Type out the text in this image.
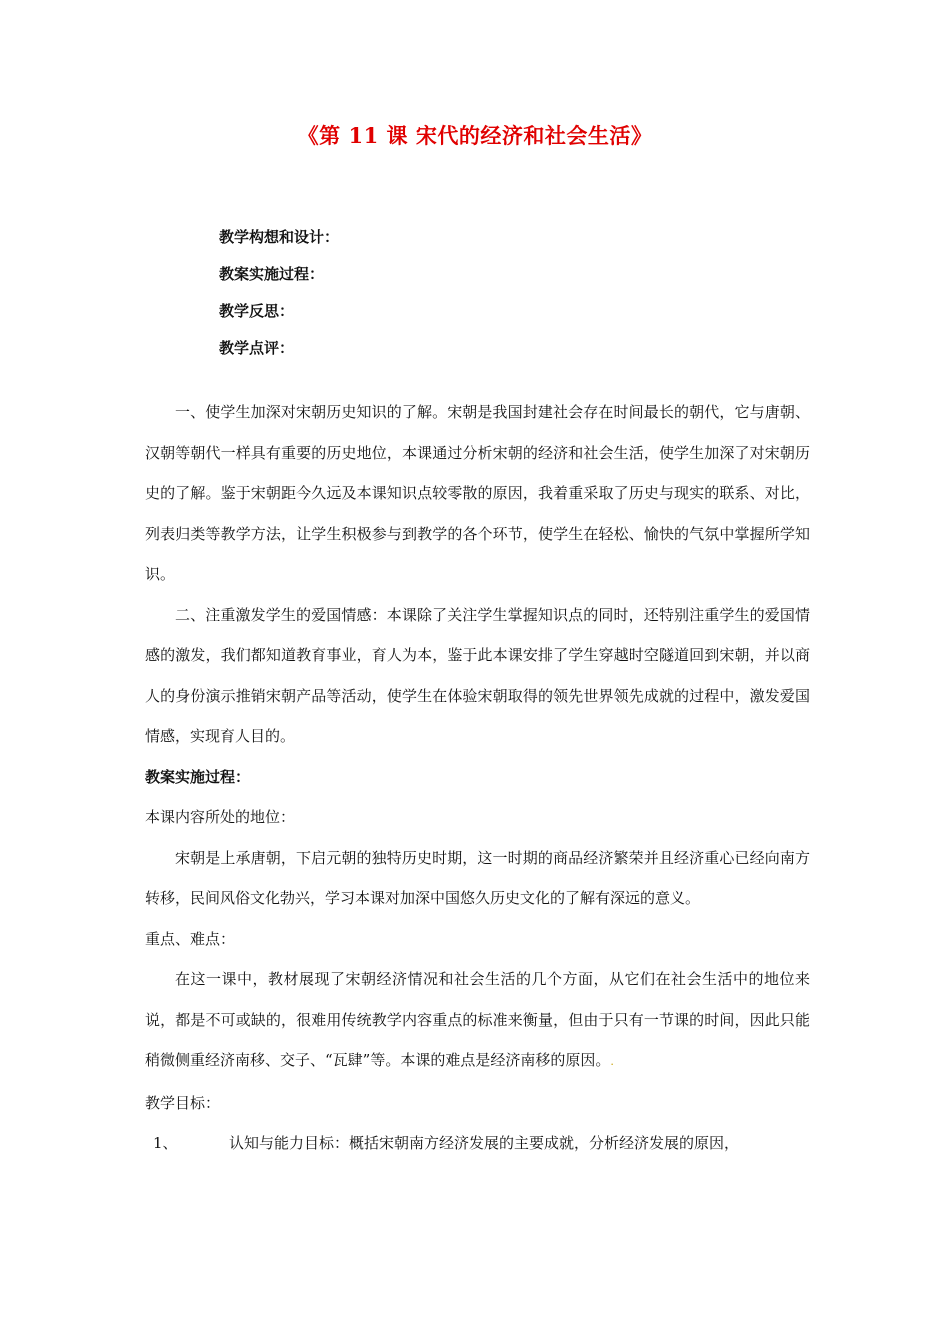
《第 11 课 宋代的经济和社会生活》
教学构想和设计：
教案实施过程：
教学反思：
教学点评：

一、使学生加深对宋朝历史知识的了解。宋朝是我国封建社会存在时间最长的朝代，它与唐朝、汉朝等朝代一样具有重要的历史地位，本课通过分析宋朝的经济和社会生活，使学生加深了对宋朝历史的了解。鉴于宋朝距今久远及本课知识点较零散的原因，我着重采取了历史与现实的联系、对比，列表归类等教学方法，让学生积极参与到教学的各个环节，使学生在轻松、愉快的气氛中掌握所学知识。

二、注重激发学生的爱国情感：本课除了关注学生掌握知识点的同时，还特别注重学生的爱国情感的激发，我们都知道教育事业，育人为本，鉴于此本课安排了学生穿越时空隧道回到宋朝，并以商人的身份演示推销宋朝产品等活动，使学生在体验宋朝取得的领先世界领先成就的过程中，激发爱国情感，实现育人目的。

教案实施过程：

本课内容所处的地位：

宋朝是上承唐朝，下启元朝的独特历史时期，这一时期的商品经济繁荣并且经济重心已经向南方转移，民间风俗文化勃兴，学习本课对加深中国悠久历史文化的了解有深远的意义。

重点、难点：

在这一课中，教材展现了宋朝经济情况和社会生活的几个方面，从它们在社会生活中的地位来说，都是不可或缺的，很难用传统教学内容重点的标准来衡量，但由于只有一节课的时间，因此只能稍微侧重经济南移、交子、“瓦肆”等。本课的难点是经济南移的原因。.

教学目标：

1、	认知与能力目标：概括宋朝南方经济发展的主要成就，分析经济发展的原因，
